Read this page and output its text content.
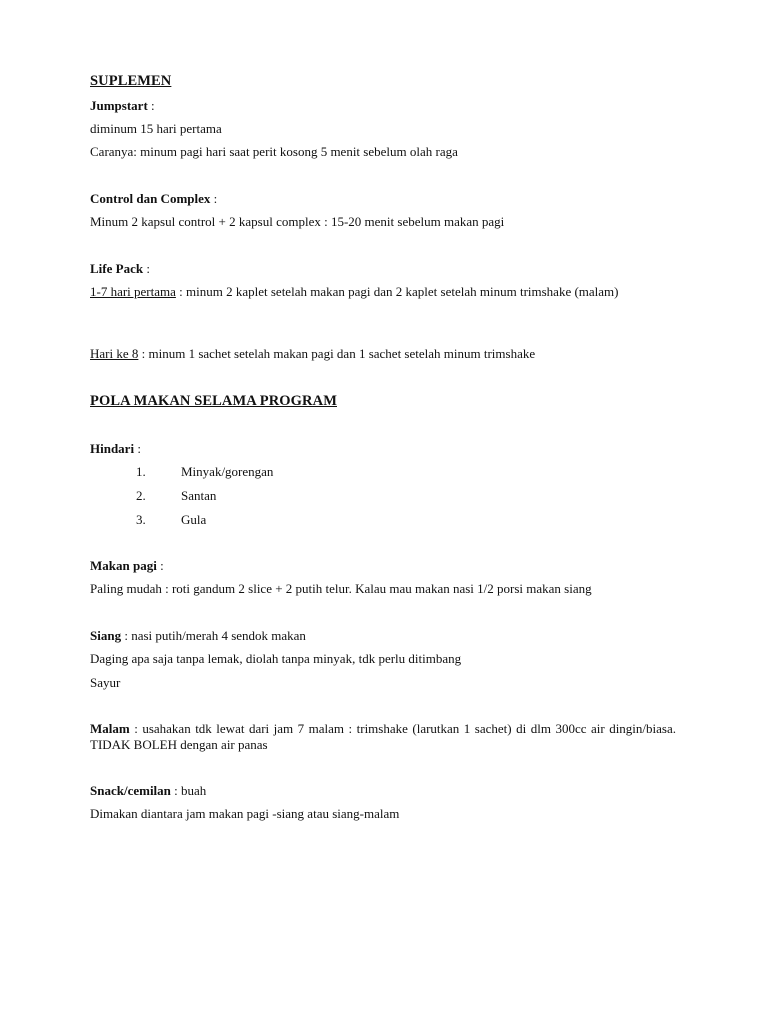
SUPLEMEN
Jumpstart :
diminum 15 hari pertama
Caranya: minum pagi hari saat perit kosong 5 menit sebelum olah raga
Control dan Complex :
Minum 2 kapsul control + 2 kapsul complex : 15-20 menit sebelum makan pagi
Life Pack :
1-7 hari pertama : minum 2 kaplet setelah makan pagi dan 2 kaplet setelah minum trimshake (malam)
Hari ke 8 : minum 1 sachet setelah makan pagi dan 1 sachet setelah minum trimshake
POLA MAKAN SELAMA PROGRAM
Hindari :
1.	Minyak/gorengan
2.	Santan
3.	Gula
Makan pagi :
Paling mudah : roti gandum 2 slice + 2 putih telur. Kalau mau makan nasi 1/2 porsi makan siang
Siang : nasi putih/merah 4 sendok makan
Daging apa saja tanpa lemak, diolah tanpa minyak, tdk perlu ditimbang
Sayur
Malam : usahakan tdk lewat dari jam 7 malam : trimshake (larutkan 1 sachet) di dlm 300cc air dingin/biasa. TIDAK BOLEH dengan air panas
Snack/cemilan : buah
Dimakan diantara jam makan pagi -siang atau siang-malam
